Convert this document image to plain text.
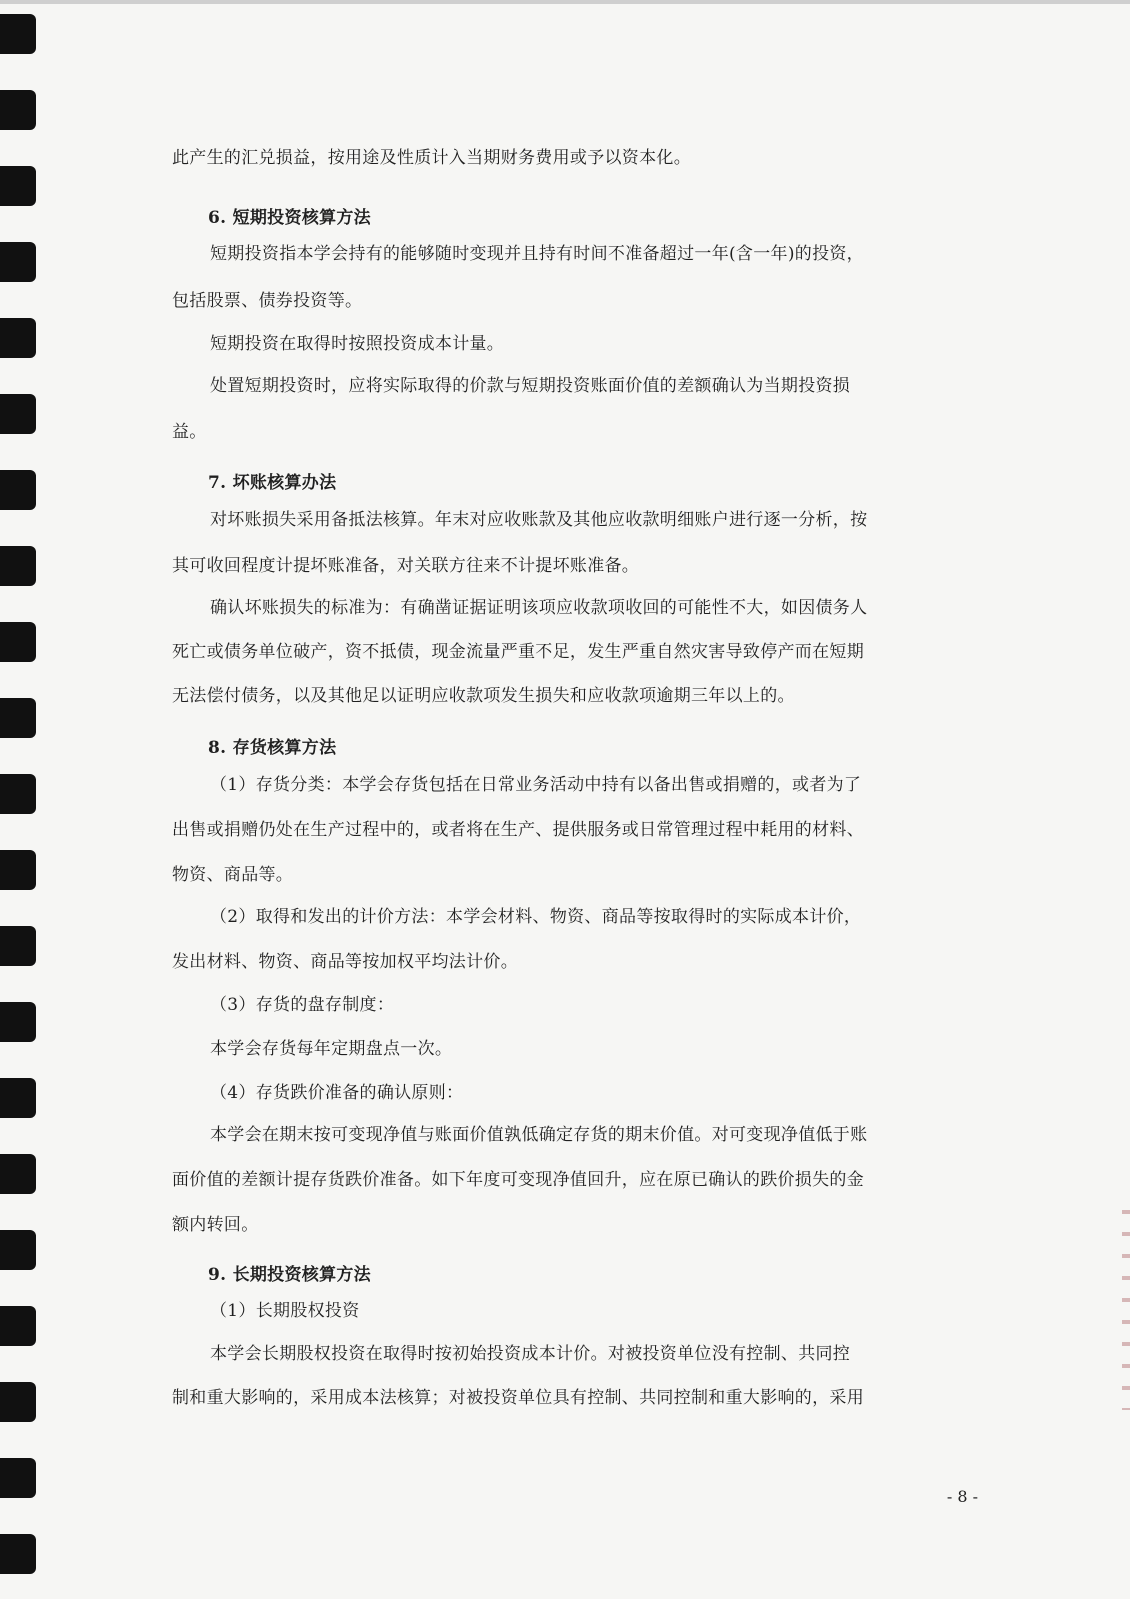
此产生的汇兑损益，按用途及性质计入当期财务费用或予以资本化。
6. 短期投资核算方法
短期投资指本学会持有的能够随时变现并且持有时间不准备超过一年(含一年)的投资，
包括股票、债券投资等。
短期投资在取得时按照投资成本计量。
处置短期投资时，应将实际取得的价款与短期投资账面价值的差额确认为当期投资损
益。
7. 坏账核算办法
对坏账损失采用备抵法核算。年末对应收账款及其他应收款明细账户进行逐一分析，按
其可收回程度计提坏账准备，对关联方往来不计提坏账准备。
确认坏账损失的标准为：有确凿证据证明该项应收款项收回的可能性不大，如因债务人
死亡或债务单位破产，资不抵债，现金流量严重不足，发生严重自然灾害导致停产而在短期
无法偿付债务，以及其他足以证明应收款项发生损失和应收款项逾期三年以上的。
8. 存货核算方法
（1）存货分类：本学会存货包括在日常业务活动中持有以备出售或捐赠的，或者为了
出售或捐赠仍处在生产过程中的，或者将在生产、提供服务或日常管理过程中耗用的材料、
物资、商品等。
（2）取得和发出的计价方法：本学会材料、物资、商品等按取得时的实际成本计价，
发出材料、物资、商品等按加权平均法计价。
（3）存货的盘存制度：
本学会存货每年定期盘点一次。
（4）存货跌价准备的确认原则：
本学会在期末按可变现净值与账面价值孰低确定存货的期末价值。对可变现净值低于账
面价值的差额计提存货跌价准备。如下年度可变现净值回升，应在原已确认的跌价损失的金
额内转回。
9. 长期投资核算方法
（1）长期股权投资
本学会长期股权投资在取得时按初始投资成本计价。对被投资单位没有控制、共同控
制和重大影响的，采用成本法核算；对被投资单位具有控制、共同控制和重大影响的，采用
- 8 -
